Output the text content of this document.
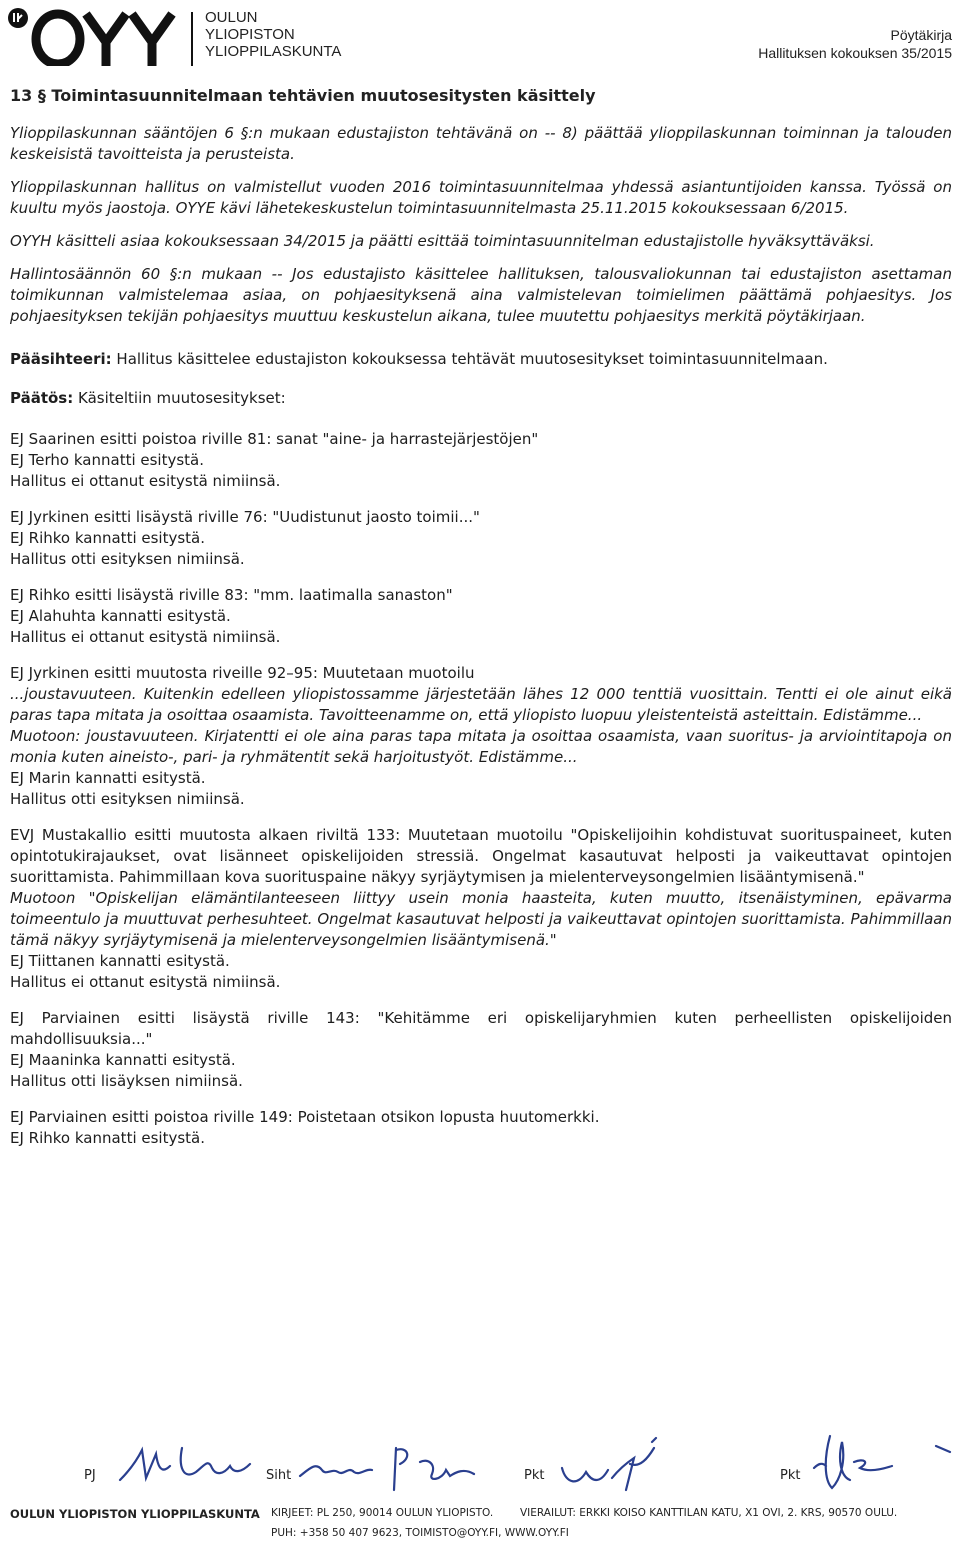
OULUN
YLIOPISTON
YLIOPPILASKUNTA
Pöytäkirja
Hallituksen kokouksen 35/2015
13 § Toimintasuunnitelmaan tehtävien muutosesitysten käsittely

Ylioppilaskunnan sääntöjen 6 §:n mukaan edustajiston tehtävänä on -- 8) päättää ylioppilaskunnan toiminnan ja talouden keskeisistä tavoitteista ja perusteista.

Ylioppilaskunnan hallitus on valmistellut vuoden 2016 toimintasuunnitelmaa yhdessä asiantuntijoiden kanssa. Työssä on kuultu myös jaostoja. OYYE kävi lähetekeskustelun toimintasuunnitelmasta 25.11.2015 kokouksessaan 6/2015.

OYYH käsitteli asiaa kokouksessaan 34/2015 ja päätti esittää toimintasuunnitelman edustajistolle hyväksyttäväksi.

Hallintosäännön 60 §:n mukaan -- Jos edustajisto käsittelee hallituksen, talousvaliokunnan tai edustajiston asettaman toimikunnan valmistelemaa asiaa, on pohjaesityksenä aina valmistelevan toimielimen päättämä pohjaesitys. Jos pohjaesityksen tekijän pohjaesitys muuttuu keskustelun aikana, tulee muutettu pohjaesitys merkitä pöytäkirjaan.

Pääsihteeri: Hallitus käsittelee edustajiston kokouksessa tehtävät muutosesitykset toimintasuunnitelmaan.

Päätös: Käsiteltiin muutosesitykset:

EJ Saarinen esitti poistoa riville 81: sanat "aine- ja harrastejärjestöjen"

EJ Terho kannatti esitystä.

Hallitus ei ottanut esitystä nimiinsä.

EJ Jyrkinen esitti lisäystä riville 76: "Uudistunut jaosto toimii..."

EJ Rihko kannatti esitystä.

Hallitus otti esityksen nimiinsä.

EJ Rihko esitti lisäystä riville 83: "mm. laatimalla sanaston"

EJ Alahuhta kannatti esitystä.

Hallitus ei ottanut esitystä nimiinsä.

EJ Jyrkinen esitti muutosta riveille 92–95: Muutetaan muotoilu

...joustavuuteen. Kuitenkin edelleen yliopistossamme järjestetään lähes 12 000 tenttiä vuosittain. Tentti ei ole ainut eikä paras tapa mitata ja osoittaa osaamista. Tavoitteenamme on, että yliopisto luopuu yleistenteistä asteittain. Edistämme...

Muotoon: joustavuuteen. Kirjatentti ei ole aina paras tapa mitata ja osoittaa osaamista, vaan suoritus- ja arviointitapoja on monia kuten aineisto-, pari- ja ryhmätentit sekä harjoitustyöt. Edistämme...

EJ Marin kannatti esitystä.

Hallitus otti esityksen nimiinsä.

EVJ Mustakallio esitti muutosta alkaen riviltä 133: Muutetaan muotoilu "Opiskelijoihin kohdistuvat suorituspaineet, kuten opintotukirajaukset, ovat lisänneet opiskelijoiden stressiä. Ongelmat kasautuvat helposti ja vaikeuttavat opintojen suorittamista. Pahimmillaan kova suorituspaine näkyy syrjäytymisen ja mielenterveysongelmien lisääntymisenä."

Muotoon "Opiskelijan elämäntilanteeseen liittyy usein monia haasteita, kuten muutto, itsenäistyminen, epävarma toimeentulo ja muuttuvat perhesuhteet. Ongelmat kasautuvat helposti ja vaikeuttavat opintojen suorittamista. Pahimmillaan tämä näkyy syrjäytymisenä ja mielenterveysongelmien lisääntymisenä."

EJ Tiittanen kannatti esitystä.

Hallitus ei ottanut esitystä nimiinsä.

EJ Parviainen esitti lisäystä riville 143: "Kehitämme eri opiskelijaryhmien kuten perheellisten opiskelijoiden mahdollisuuksia..."

EJ Maaninka kannatti esitystä.

Hallitus otti lisäyksen nimiinsä.

EJ Parviainen esitti poistoa riville 149: Poistetaan otsikon lopusta huutomerkki.

EJ Rihko kannatti esitystä.

PJ	Siht	Pkt	Pkt
OULUN YLIOPISTON YLIOPPILASKUNTA KIRJEET: PL 250, 90014 OULUN YLIOPISTO.	VIERAILUT: ERKKI KOISO KANTTILAN KATU, X1 OVI, 2. KRS, 90570 OULU.
PUH: +358 50 407 9623, TOIMISTO@OYY.FI, WWW.OYY.FI
